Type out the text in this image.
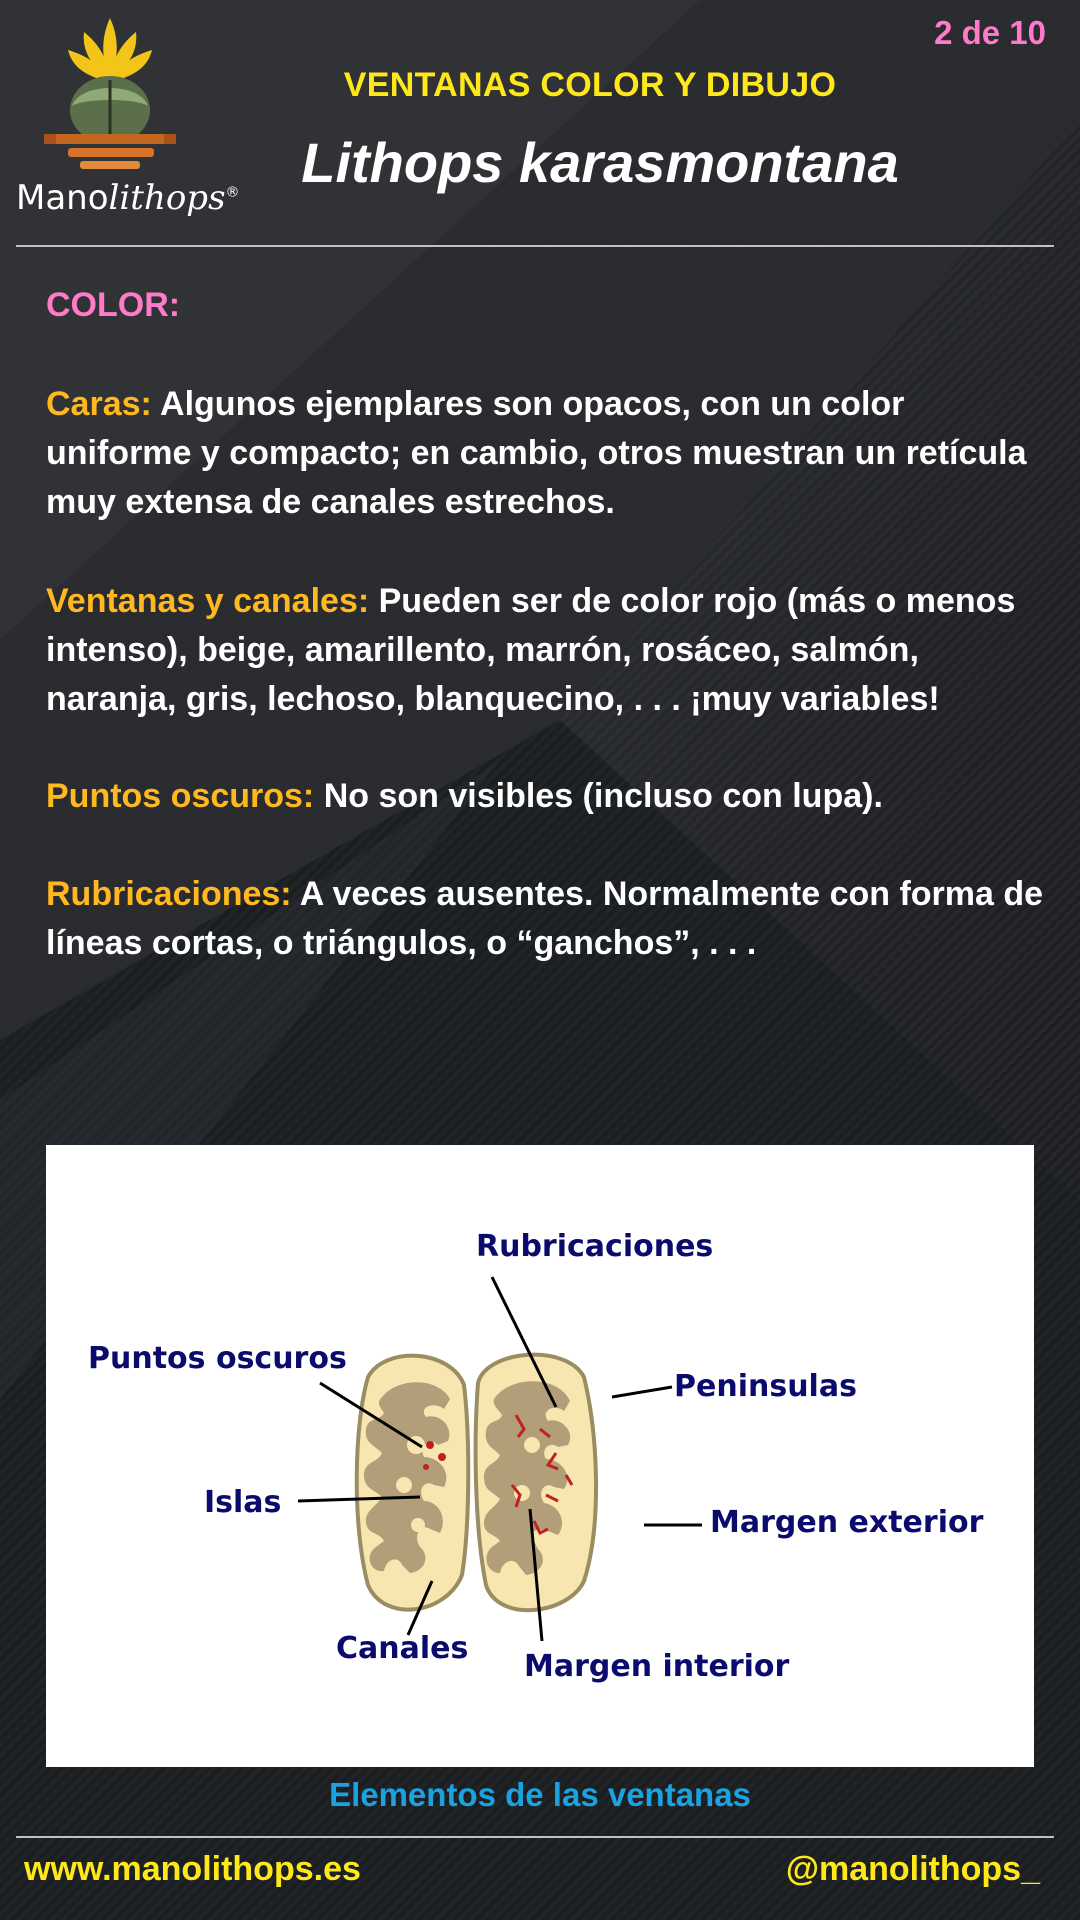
Manolithops®
2 de 10
VENTANAS COLOR Y DIBUJO
Lithops karasmontana
COLOR:
Caras: Algunos ejemplares son opacos, con un color uniforme y compacto; en cambio, otros muestran un retícula muy extensa de canales estrechos.
Ventanas y canales: Pueden ser de color rojo (más o menos intenso), beige, amarillento, marrón, rosáceo, salmón, naranja, gris, lechoso, blanquecino, . . . ¡muy variables!
Puntos oscuros: No son visibles (incluso con lupa).
Rubricaciones: A veces ausentes. Normalmente con forma de líneas cortas, o triángulos, o “ganchos”, . . .
Rubricaciones
Puntos oscuros
Peninsulas
Islas
Margen exterior
Canales
Margen interior
Elementos de las ventanas
www.manolithops.es	@manolithops_
